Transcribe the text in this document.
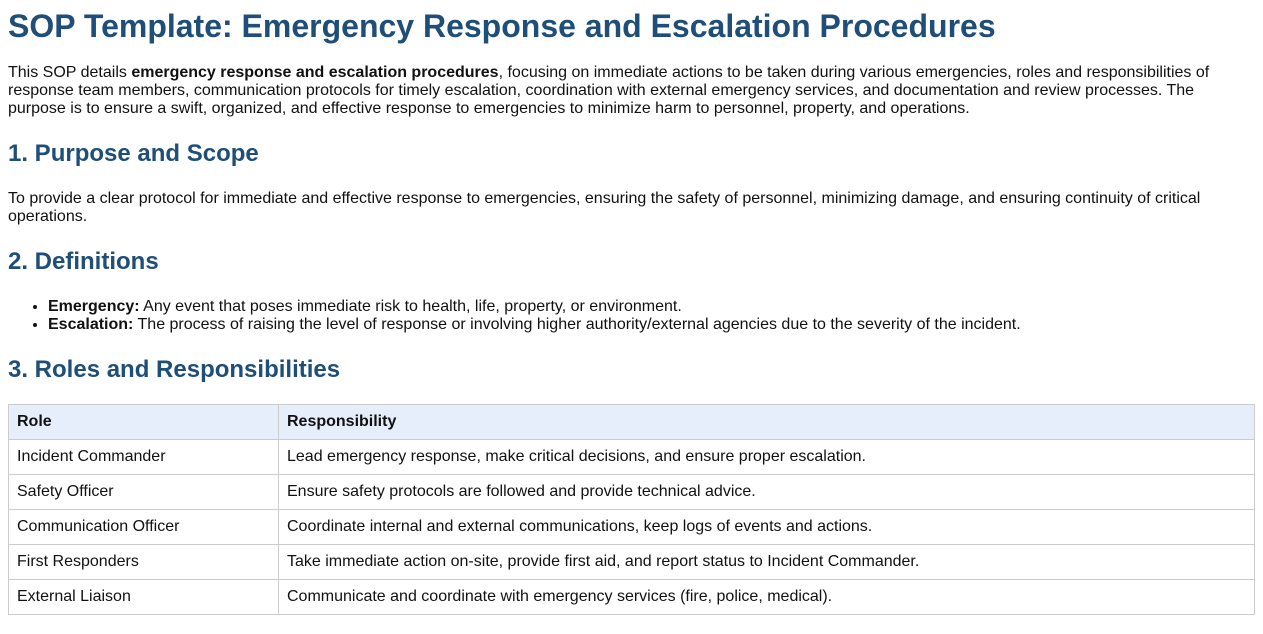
SOP Template: Emergency Response and Escalation Procedures

This SOP details emergency response and escalation procedures, focusing on immediate actions to be taken during various emergencies, roles and responsibilities of response team members, communication protocols for timely escalation, coordination with external emergency services, and documentation and review processes. The purpose is to ensure a swift, organized, and effective response to emergencies to minimize harm to personnel, property, and operations.

1. Purpose and Scope

To provide a clear protocol for immediate and effective response to emergencies, ensuring the safety of personnel, minimizing damage, and ensuring continuity of critical operations.

2. Definitions
• Emergency: Any event that poses immediate risk to health, life, property, or environment.
• Escalation: The process of raising the level of response or involving higher authority/external agencies due to the severity of the incident.
3. Roles and Responsibilities
Role	Responsibility
Incident Commander	Lead emergency response, make critical decisions, and ensure proper escalation.
Safety Officer	Ensure safety protocols are followed and provide technical advice.
Communication Officer	Coordinate internal and external communications, keep logs of events and actions.
First Responders	Take immediate action on-site, provide first aid, and report status to Incident Commander.
External Liaison	Communicate and coordinate with emergency services (fire, police, medical).
